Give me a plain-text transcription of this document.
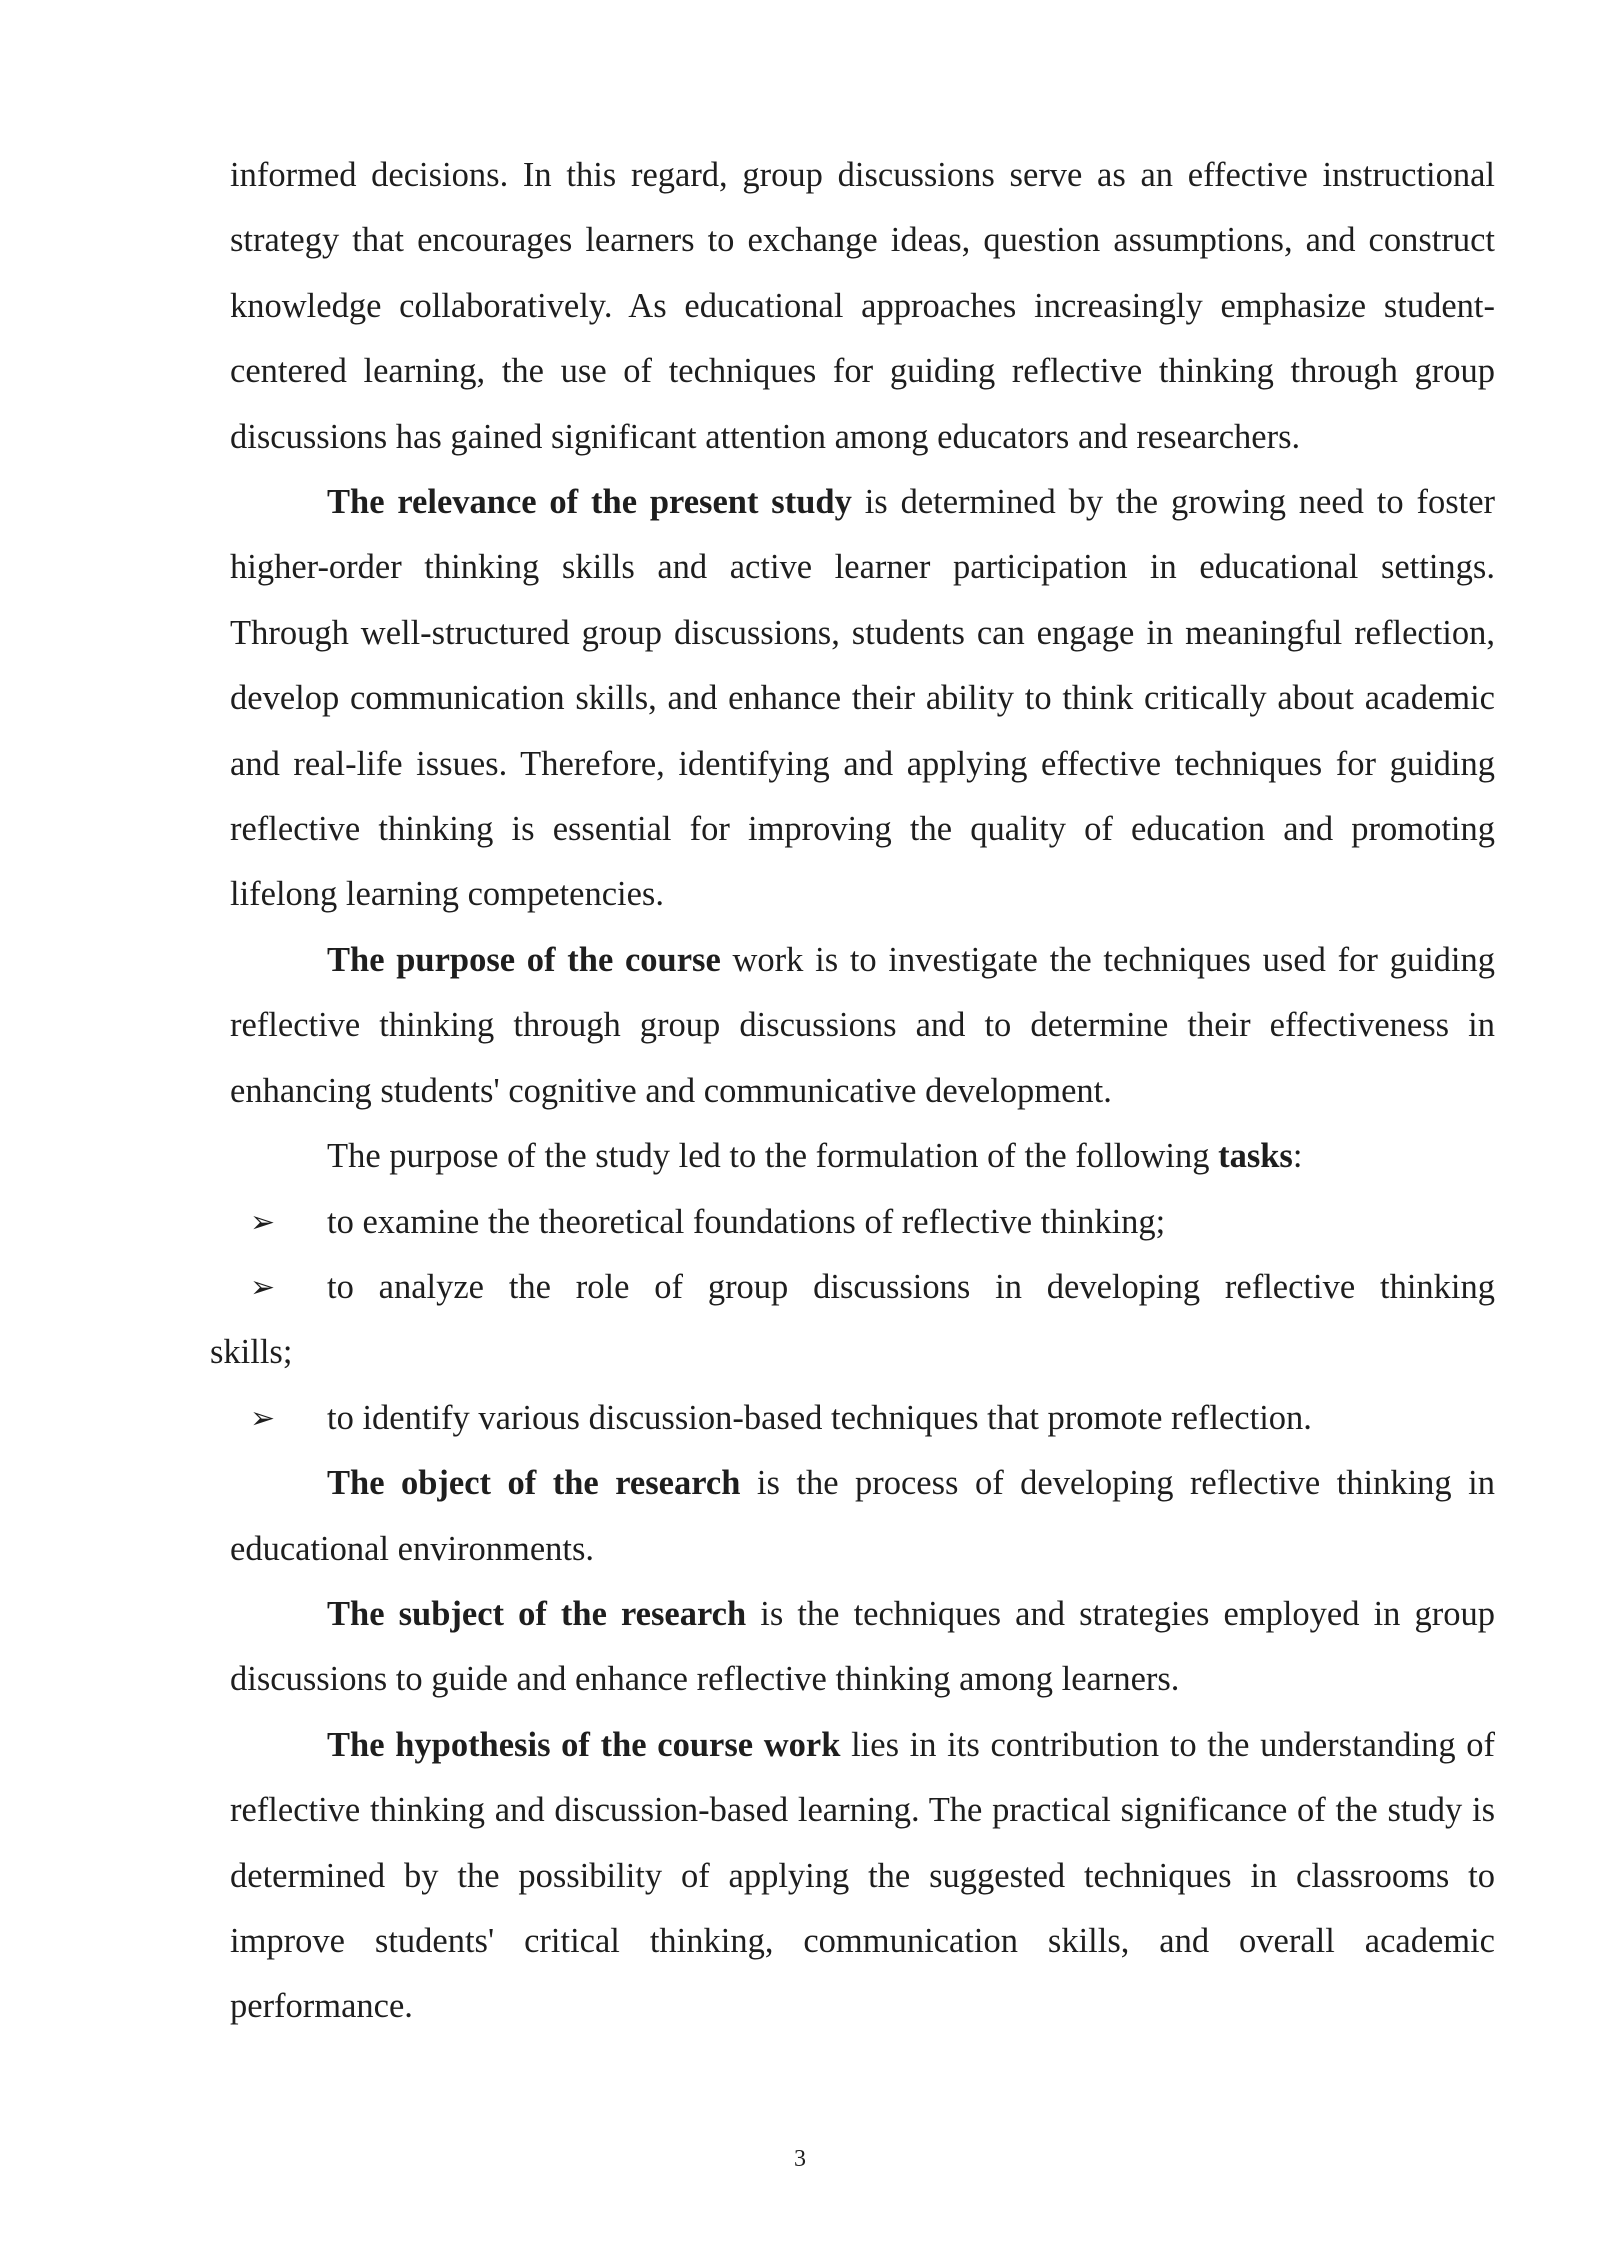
informed decisions. In this regard, group discussions serve as an effective instructional strategy that encourages learners to exchange ideas, question assumptions, and construct knowledge collaboratively. As educational approaches increasingly emphasize student-centered learning, the use of techniques for guiding reflective thinking through group discussions has gained significant attention among educators and researchers.

The relevance of the present study is determined by the growing need to foster higher-order thinking skills and active learner participation in educational settings. Through well-structured group discussions, students can engage in meaningful reflection, develop communication skills, and enhance their ability to think critically about academic and real-life issues. Therefore, identifying and applying effective techniques for guiding reflective thinking is essential for improving the quality of education and promoting lifelong learning competencies.

The purpose of the course work is to investigate the techniques used for guiding reflective thinking through group discussions and to determine their effectiveness in enhancing students' cognitive and communicative development.

The purpose of the study led to the formulation of the following tasks:

➢ to examine the theoretical foundations of reflective thinking;
➢ to analyze the role of group discussions in developing reflective thinking
skills;
➢ to identify various discussion-based techniques that promote reflection.

The object of the research is the process of developing reflective thinking in educational environments.

The subject of the research is the techniques and strategies employed in group discussions to guide and enhance reflective thinking among learners.

The hypothesis of the course work lies in its contribution to the understanding of reflective thinking and discussion-based learning. The practical significance of the study is determined by the possibility of applying the suggested techniques in classrooms to improve students' critical thinking, communication skills, and overall academic performance.

3
